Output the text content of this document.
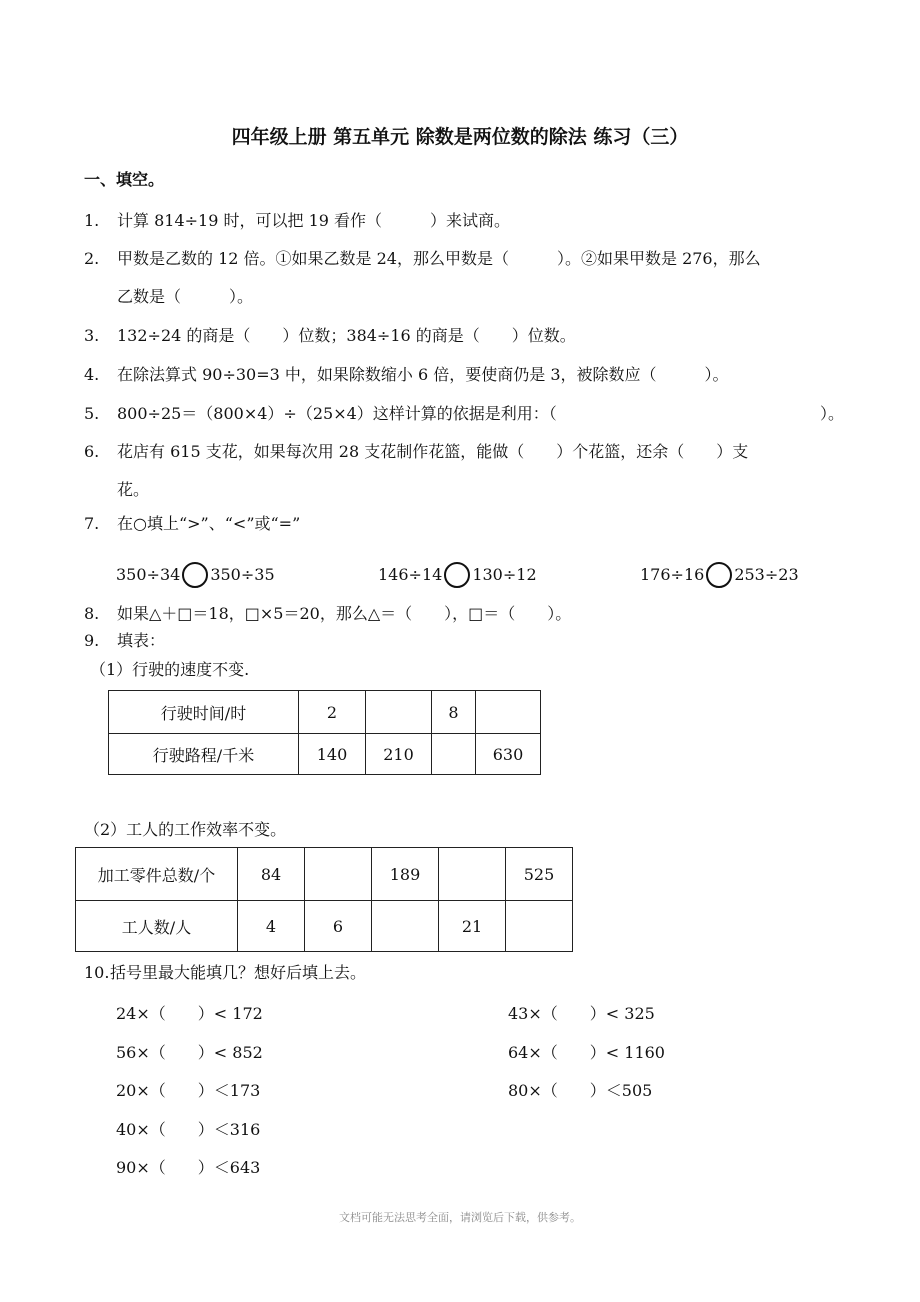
四年级上册 第五单元 除数是两位数的除法 练习（三）
一、填空。
1.	计算 814÷19 时，可以把 19 看作（　　　）来试商。
2.	甲数是乙数的 12 倍。①如果乙数是 24，那么甲数是（　　　）。②如果甲数是 276，那么
乙数是（　　　）。
3.	132÷24 的商是（　　）位数；384÷16 的商是（　　）位数。
4.	在除法算式 90÷30=3 中，如果除数缩小 6 倍，要使商仍是 3，被除数应（　　　）。
5.	800÷25＝（800×4）÷（25×4）这样计算的依据是利用：（	）。
6.	花店有 615 支花，如果每次用 28 支花制作花篮，能做（　　）个花篮，还余（　　）支
花。
7.	在○填上“>”、“<”或“=”
350÷34 350÷35	146÷14 130÷12	176÷16 253÷23
8.	如果△＋□＝18，□×5＝20，那么△＝（　　），□＝（　　）。
9.	填表：
（1）行驶的速度不变.
行驶时间/时	2		8	
行驶路程/千米	140	210		630
（2）工人的工作效率不变。
加工零件总数/个	84		189		525
工人数/人	4	6		21	
10. 括号里最大能填几？想好后填上去。
24×（　　）< 172
56×（　　）< 852
20×（　　）＜173
40×（　　）＜316
90×（　　）＜643
43×（　　）< 325
64×（　　）< 1160
80×（　　）＜505
文档可能无法思考全面，请浏览后下载，供参考。
